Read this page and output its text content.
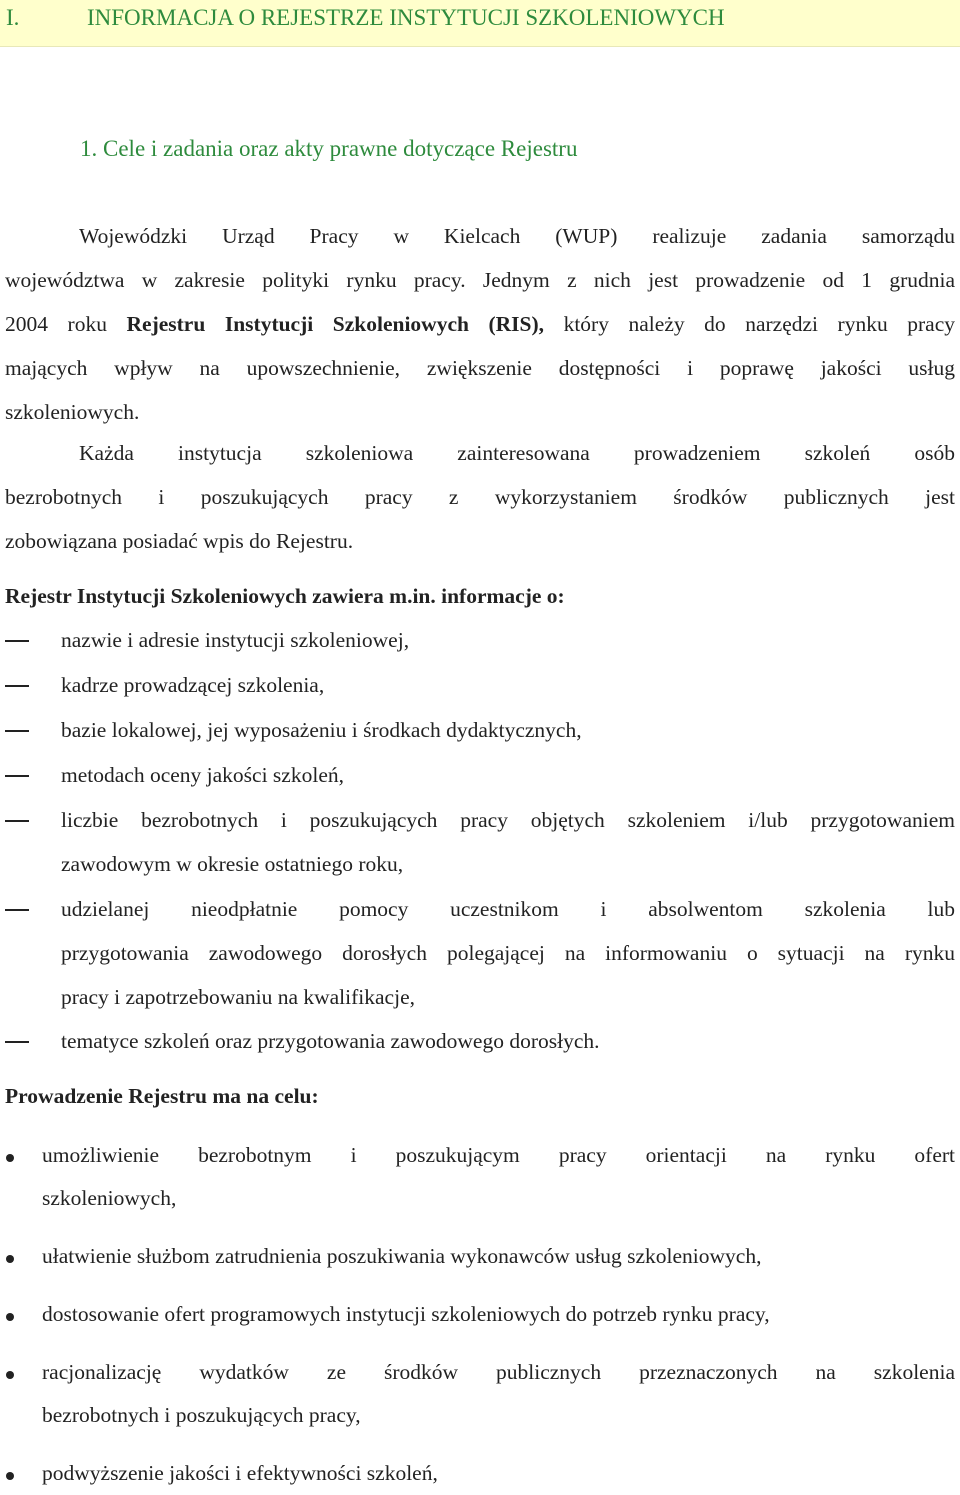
I.	INFORMACJA O REJESTRZE INSTYTUCJI SZKOLENIOWYCH
1. Cele i zadania oraz akty prawne dotyczące Rejestru
Wojewódzki Urząd Pracy w Kielcach (WUP) realizuje zadania samorządu
województwa w zakresie polityki rynku pracy. Jednym z nich jest prowadzenie od 1 grudnia
2004 roku Rejestru Instytucji Szkoleniowych (RIS), który należy do narzędzi rynku pracy
mających wpływ na upowszechnienie, zwiększenie dostępności i poprawę jakości usług
szkoleniowych.
Każda instytucja szkoleniowa zainteresowana prowadzeniem szkoleń osób
bezrobotnych i poszukujących pracy z wykorzystaniem środków publicznych jest
zobowiązana posiadać wpis do Rejestru.
Rejestr Instytucji Szkoleniowych zawiera m.in. informacje o:
nazwie i adresie instytucji szkoleniowej,
kadrze prowadzącej szkolenia,
bazie lokalowej, jej wyposażeniu i środkach dydaktycznych,
metodach oceny jakości szkoleń,
liczbie bezrobotnych i poszukujących pracy objętych szkoleniem i/lub przygotowaniem
zawodowym w okresie ostatniego roku,
udzielanej nieodpłatnie pomocy uczestnikom i absolwentom szkolenia lub
przygotowania zawodowego dorosłych polegającej na informowaniu o sytuacji na rynku
pracy i zapotrzebowaniu na kwalifikacje,
tematyce szkoleń oraz przygotowania zawodowego dorosłych.
Prowadzenie Rejestru ma na celu:
umożliwienie bezrobotnym i poszukującym pracy orientacji na rynku ofert
szkoleniowych,
ułatwienie służbom zatrudnienia poszukiwania wykonawców usług szkoleniowych,
dostosowanie ofert programowych instytucji szkoleniowych do potrzeb rynku pracy,
racjonalizację wydatków ze środków publicznych przeznaczonych na szkolenia
bezrobotnych i poszukujących pracy,
podwyższenie jakości i efektywności szkoleń,
